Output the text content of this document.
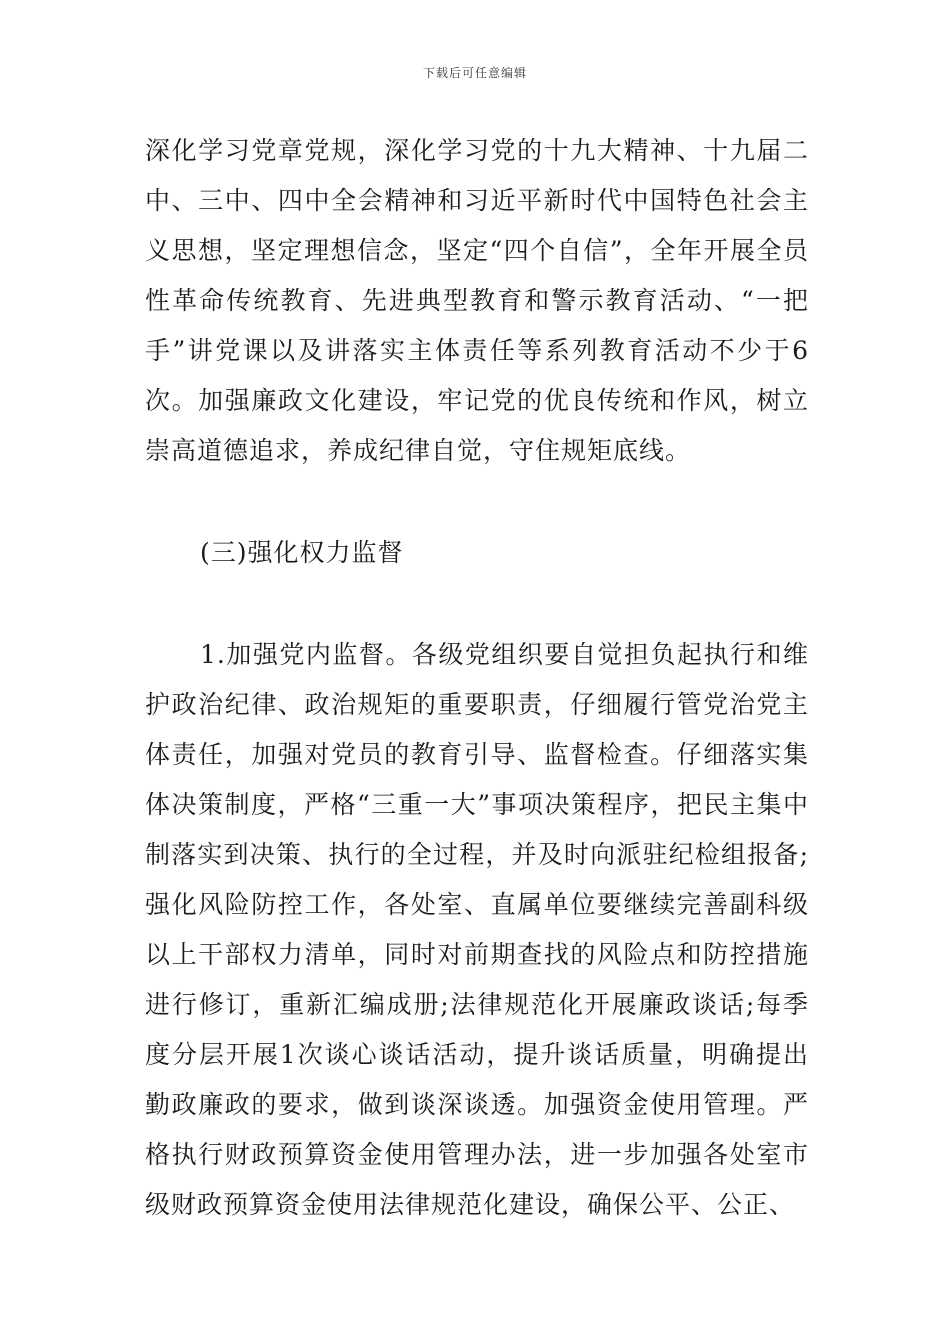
下载后可任意编辑

深化学习党章党规，深化学习党的十九大精神、十九届二中、三中、四中全会精神和习近平新时代中国特色社会主义思想，坚定理想信念，坚定“四个自信”，全年开展全员性革命传统教育、先进典型教育和警示教育活动、“一把手”讲党课以及讲落实主体责任等系列教育活动不少于6次。加强廉政文化建设，牢记党的优良传统和作风，树立崇高道德追求，养成纪律自觉，守住规矩底线。

(三)强化权力监督

1.加强党内监督。各级党组织要自觉担负起执行和维护政治纪律、政治规矩的重要职责，仔细履行管党治党主体责任，加强对党员的教育引导、监督检查。仔细落实集体决策制度，严格“三重一大”事项决策程序，把民主集中制落实到决策、执行的全过程，并及时向派驻纪检组报备;强化风险防控工作，各处室、直属单位要继续完善副科级以上干部权力清单，同时对前期查找的风险点和防控措施进行修订，重新汇编成册;法律规范化开展廉政谈话;每季度分层开展1次谈心谈话活动，提升谈话质量，明确提出勤政廉政的要求，做到谈深谈透。加强资金使用管理。严格执行财政预算资金使用管理办法，进一步加强各处室市级财政预算资金使用法律规范化建设，确保公平、公正、
